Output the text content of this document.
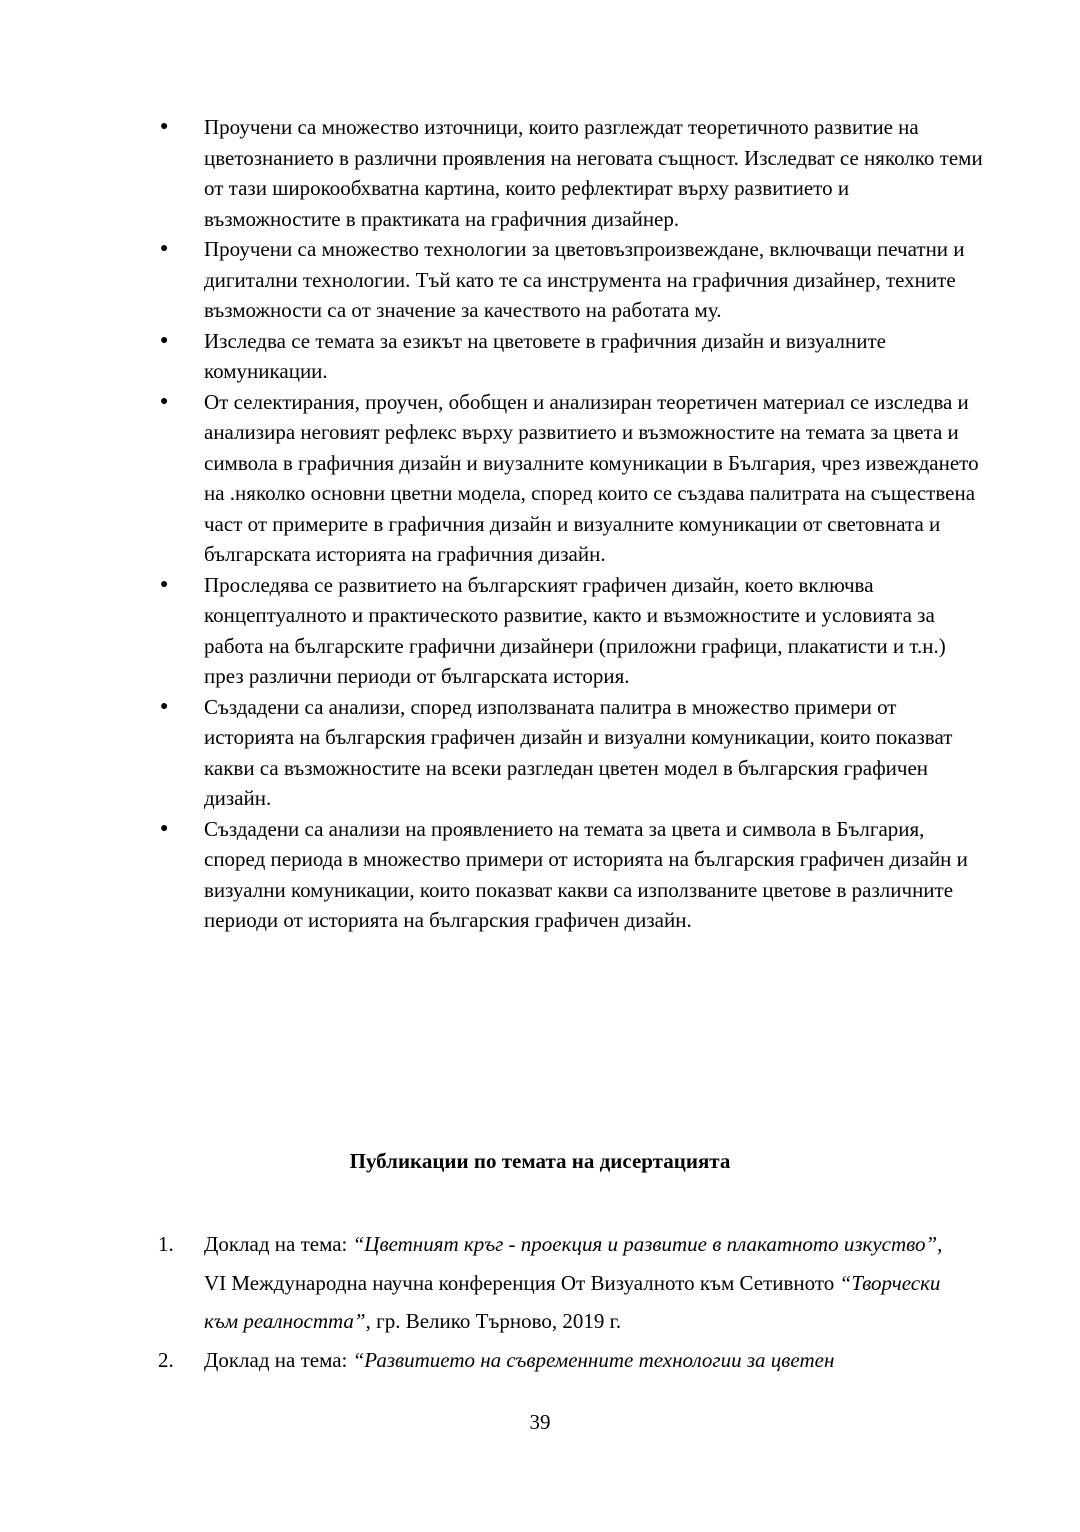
● Проучени са множество източници, които разглеждат теоретичното развитие на цветознанието в различни проявления на неговата същност. Изследват се няколко теми от тази широкообхватна картина, които рефлектират върху развитието и възможностите в практиката на графичния дизайнер.
● Проучени са множество технологии за цветовъзпроизвеждане, включващи печатни и дигитални технологии. Тъй като те са инструмента на графичния дизайнер, техните възможности са от значение за качеството на работата му.
● Изследва се темата за езикът на цветовете в графичния дизайн и визуалните комуникации.
● От селектирания, проучен, обобщен и анализиран теоретичен материал се изследва и анализира неговият рефлекс върху развитието и възможностите на темата за цвета и символа в графичния дизайн и виузалните комуникации в България, чрез извеждането на .няколко основни цветни модела, според които се създава палитрата на съществена част от примерите в графичния дизайн и визуалните комуникации от световната и българската историята на графичния дизайн.
● Проследява се развитието на българският графичен дизайн, което включва концептуалното и практическото развитие, както и възможностите и условията за работа на българските графични дизайнери (приложни графици, плакатисти и т.н.) през различни периоди от българската история.
● Създадени са анализи, според използваната палитра в множество примери от историята на българския графичен дизайн и визуални комуникации, които показват какви са възможностите на всеки разгледан цветен модел в българския графичен дизайн.
● Създадени са анализи на проявлението на темата за цвета и символа в България, според периода в множество примери от историята на българския графичен дизайн и визуални комуникации, които показват какви са използваните цветове в различните периоди от историята на българския графичен дизайн.
Публикации по темата на дисертацията
1. Доклад на тема: “Цветният кръг - проекция и развитие в плакатното изкуство”, VI Международна научна конференция От Визуалното към Сетивното “Творчески към реалността”, гр. Велико Търново, 2019 г.
2. Доклад на тема: “Развитието на съвременните технологии за цветен
39
